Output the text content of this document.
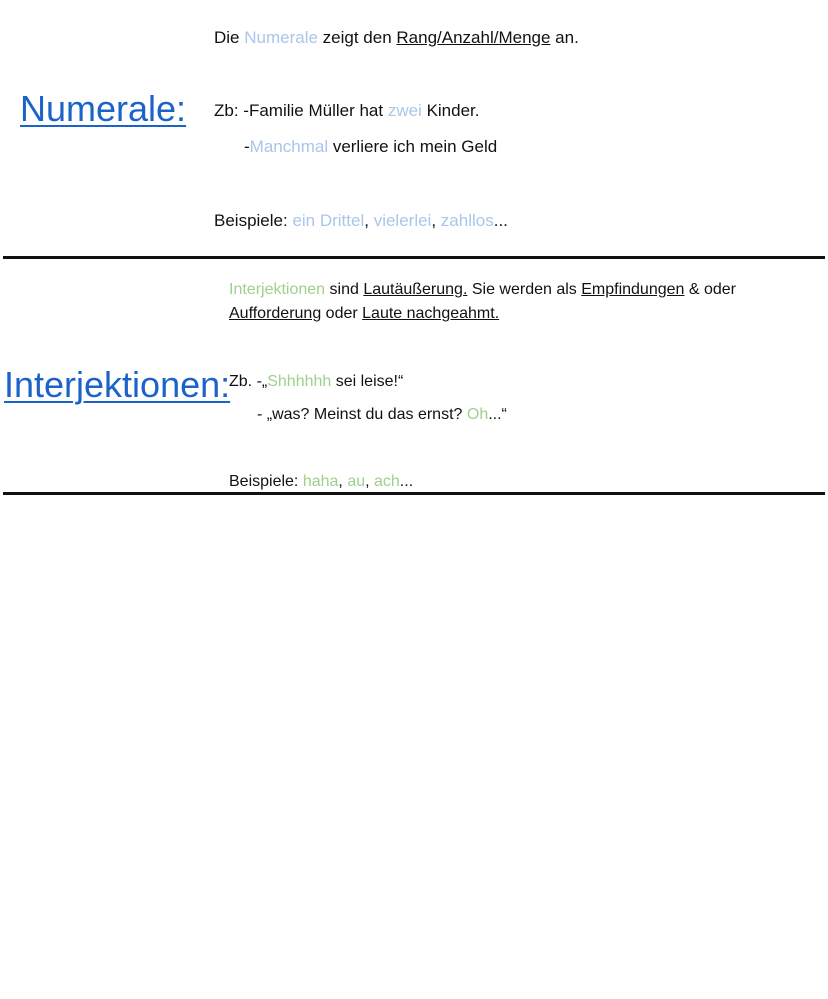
Numerale:
Die Numerale zeigt den Rang/Anzahl/Menge an.
Zb: -Familie Müller hat zwei Kinder.
-Manchmal verliere ich mein Geld
Beispiele: ein Drittel, vielerlei, zahllos...
Interjektionen:
Interjektionen sind Lautäußerung. Sie werden als Empfindungen & oder
Aufforderung oder Laute nachgeahmt.
Zb. -„Shhhhhh sei leise!“
- „was? Meinst du das ernst? Oh...“
Beispiele: haha, au, ach...
